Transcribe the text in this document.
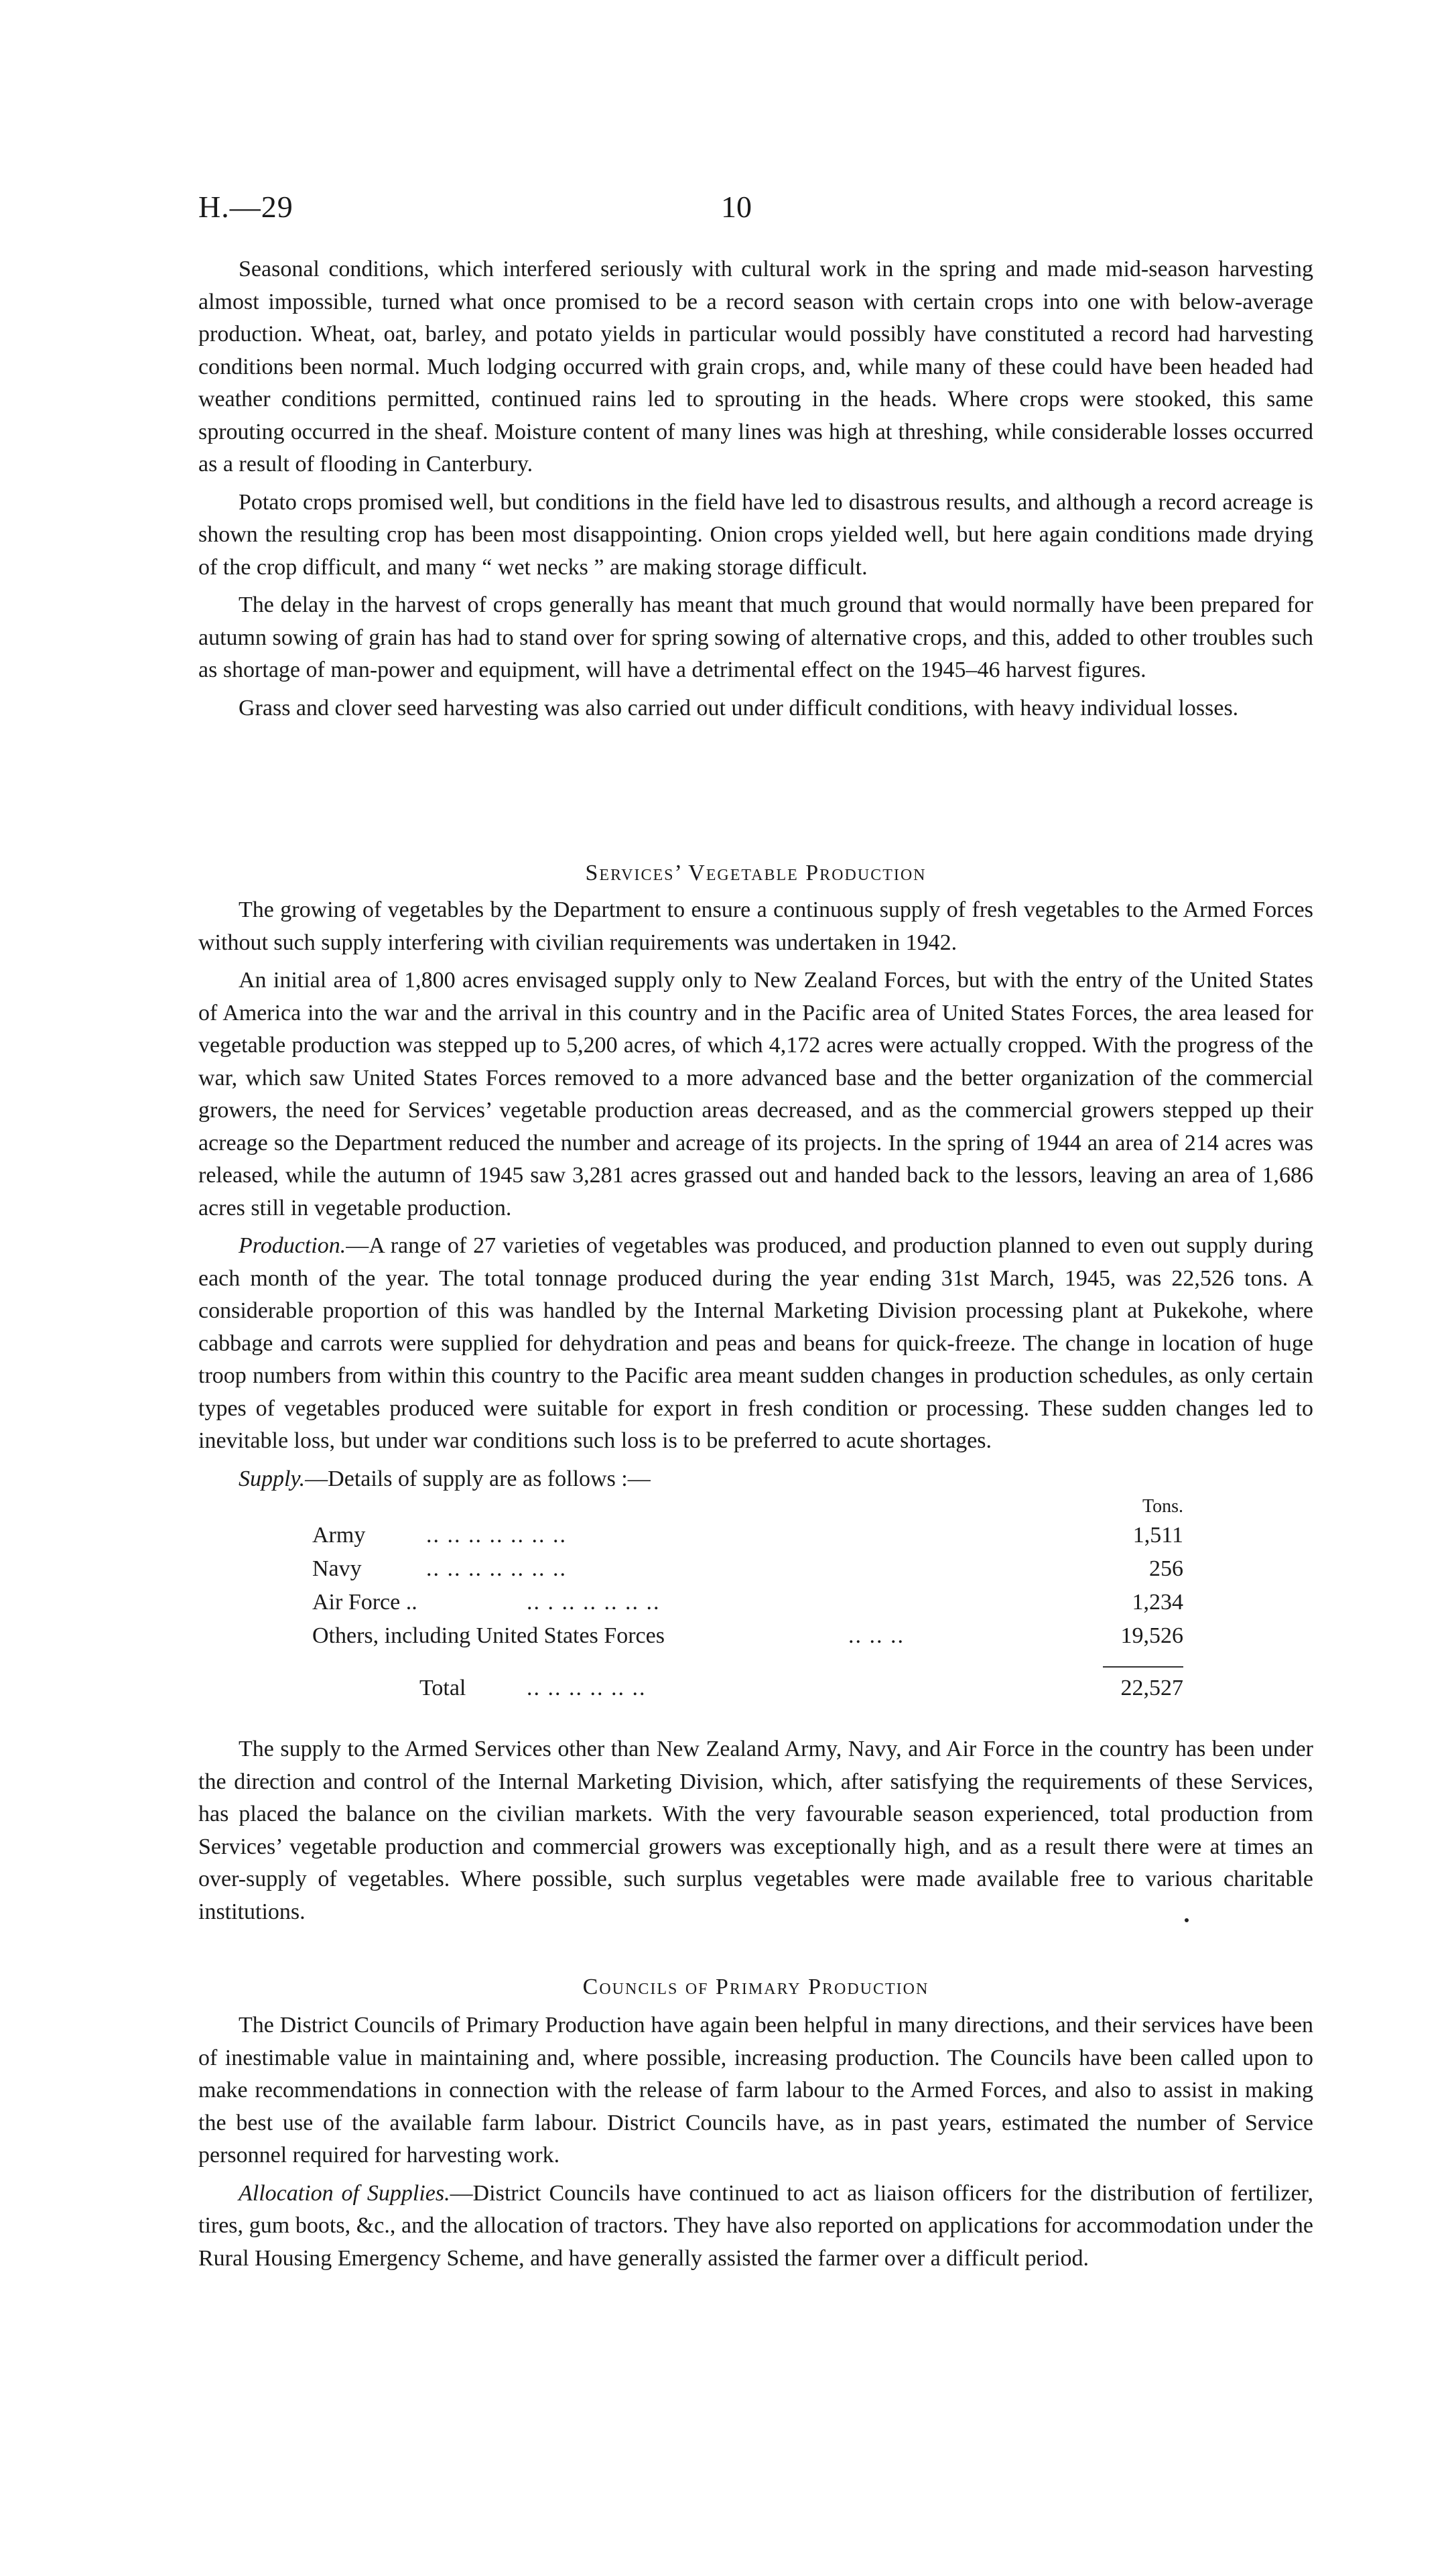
H.—29	10

Seasonal conditions, which interfered seriously with cultural work in the spring and made mid-season harvesting almost impossible, turned what once promised to be a record season with certain crops into one with below-average production. Wheat, oat, barley, and potato yields in particular would possibly have constituted a record had harvesting conditions been normal. Much lodging occurred with grain crops, and, while many of these could have been headed had weather conditions permitted, continued rains led to sprouting in the heads. Where crops were stooked, this same sprouting occurred in the sheaf. Moisture content of many lines was high at threshing, while considerable losses occurred as a result of flooding in Canterbury.

Potato crops promised well, but conditions in the field have led to disastrous results, and although a record acreage is shown the resulting crop has been most disappointing. Onion crops yielded well, but here again conditions made drying of the crop difficult, and many “ wet necks ” are making storage difficult.

The delay in the harvest of crops generally has meant that much ground that would normally have been prepared for autumn sowing of grain has had to stand over for spring sowing of alternative crops, and this, added to other troubles such as shortage of man-power and equipment, will have a detrimental effect on the 1945–46 harvest figures.

Grass and clover seed harvesting was also carried out under difficult conditions, with heavy individual losses.

Services’ Vegetable Production

The growing of vegetables by the Department to ensure a continuous supply of fresh vegetables to the Armed Forces without such supply interfering with civilian requirements was undertaken in 1942.

An initial area of 1,800 acres envisaged supply only to New Zealand Forces, but with the entry of the United States of America into the war and the arrival in this country and in the Pacific area of United States Forces, the area leased for vegetable production was stepped up to 5,200 acres, of which 4,172 acres were actually cropped. With the progress of the war, which saw United States Forces removed to a more advanced base and the better organization of the commercial growers, the need for Services’ vegetable production areas decreased, and as the commercial growers stepped up their acreage so the Department reduced the number and acreage of its projects. In the spring of 1944 an area of 214 acres was released, while the autumn of 1945 saw 3,281 acres grassed out and handed back to the lessors, leaving an area of 1,686 acres still in vegetable production.

Production.—A range of 27 varieties of vegetables was produced, and production planned to even out supply during each month of the year. The total tonnage produced during the year ending 31st March, 1945, was 22,526 tons. A considerable proportion of this was handled by the Internal Marketing Division processing plant at Pukekohe, where cabbage and carrots were supplied for dehydration and peas and beans for quick-freeze. The change in location of huge troop numbers from within this country to the Pacific area meant sudden changes in production schedules, as only certain types of vegetables produced were suitable for export in fresh condition or processing. These sudden changes led to inevitable loss, but under war conditions such loss is to be preferred to acute shortages.

Supply.—Details of supply are as follows :—

Tons.
Army	.. .. .. .. .. .. ..	1,511
Navy	.. .. .. .. .. .. ..	256
Air Force ..	.. . .. .. .. .. ..	1,234
Others, including United States Forces	.. .. ..	19,526
Total	.. .. .. .. .. ..	22,527

The supply to the Armed Services other than New Zealand Army, Navy, and Air Force in the country has been under the direction and control of the Internal Marketing Division, which, after satisfying the requirements of these Services, has placed the balance on the civilian markets. With the very favourable season experienced, total production from Services’ vegetable production and commercial growers was exceptionally high, and as a result there were at times an over-supply of vegetables. Where possible, such surplus vegetables were made available free to various charitable institutions.

Councils of Primary Production

The District Councils of Primary Production have again been helpful in many directions, and their services have been of inestimable value in maintaining and, where possible, increasing production. The Councils have been called upon to make recommendations in connection with the release of farm labour to the Armed Forces, and also to assist in making the best use of the available farm labour. District Councils have, as in past years, estimated the number of Service personnel required for harvesting work.

Allocation of Supplies.—District Councils have continued to act as liaison officers for the distribution of fertilizer, tires, gum boots, &c., and the allocation of tractors. They have also reported on applications for accommodation under the Rural Housing Emergency Scheme, and have generally assisted the farmer over a difficult period.
